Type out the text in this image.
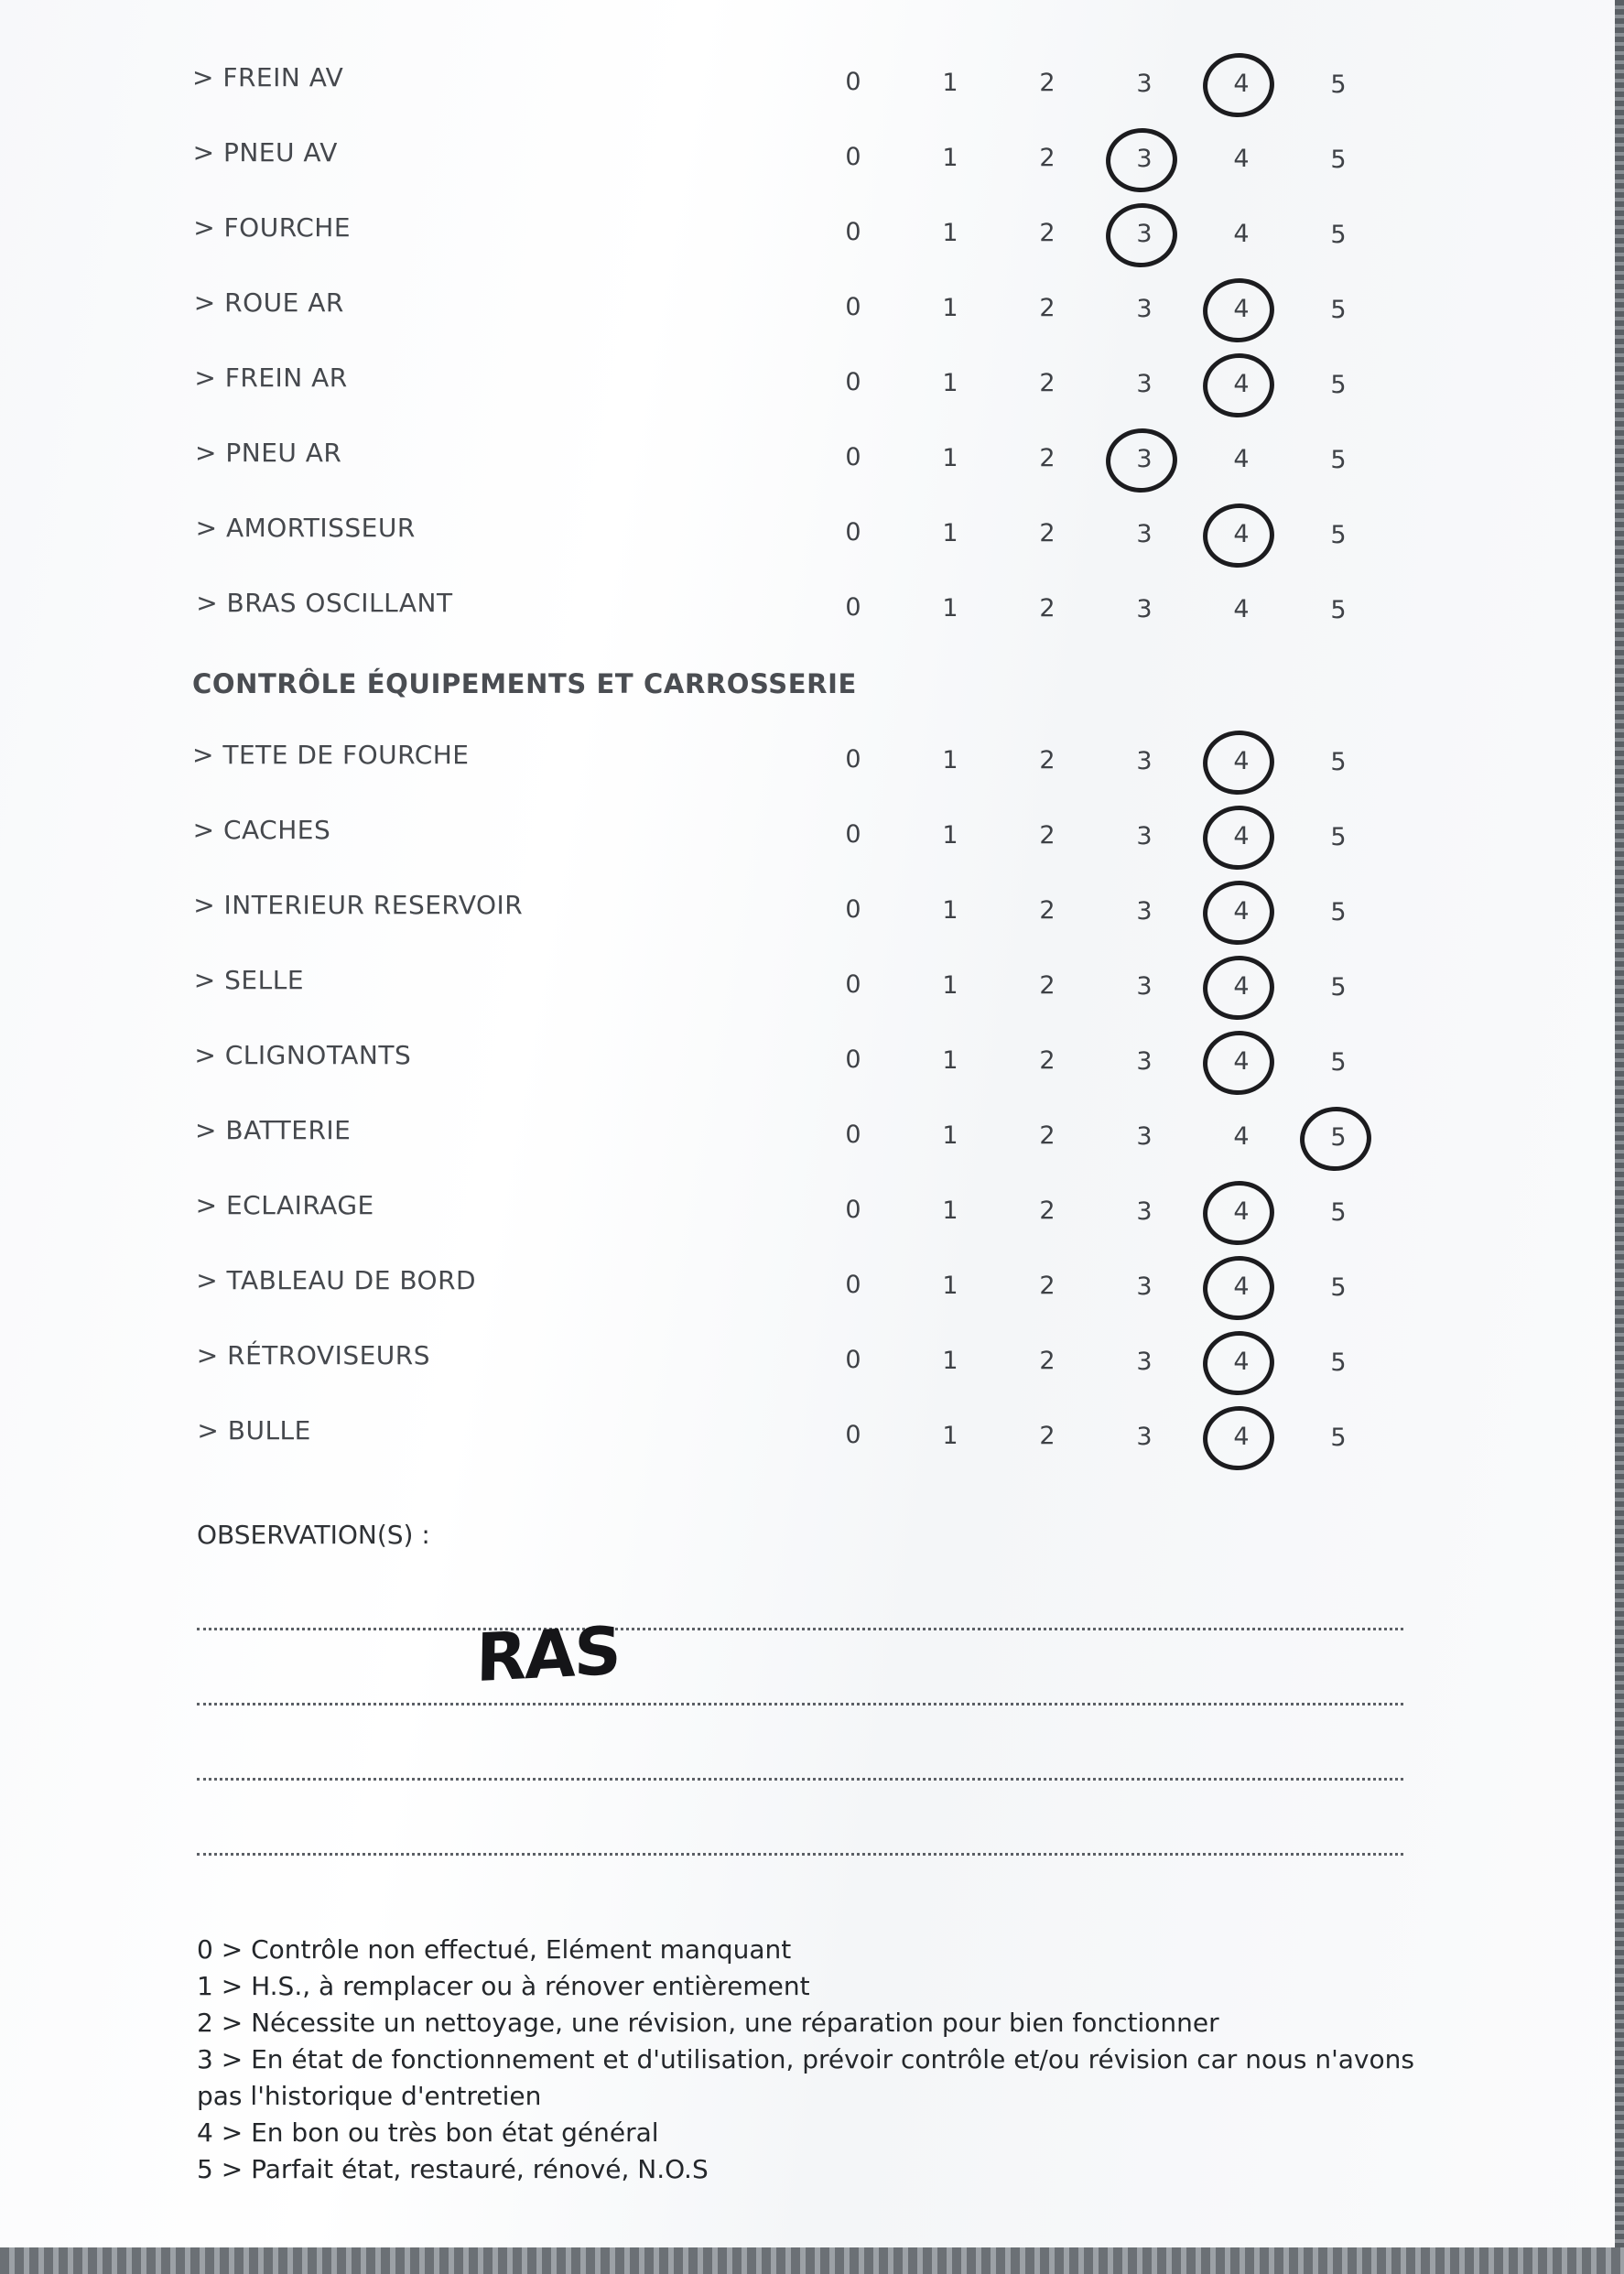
> FREIN AV	0	1	2	3	4	5
> PNEU AV	0	1	2	3	4	5
> FOURCHE	0	1	2	3	4	5
> ROUE AR	0	1	2	3	4	5
> FREIN AR	0	1	2	3	4	5
> PNEU AR	0	1	2	3	4	5
> AMORTISSEUR	0	1	2	3	4	5
> BRAS OSCILLANT	0	1	2	3	4	5
CONTRÔLE ÉQUIPEMENTS ET CARROSSERIE
> TETE DE FOURCHE	0	1	2	3	4	5
> CACHES	0	1	2	3	4	5
> INTERIEUR RESERVOIR	0	1	2	3	4	5
> SELLE	0	1	2	3	4	5
> CLIGNOTANTS	0	1	2	3	4	5
> BATTERIE	0	1	2	3	4	5
> ECLAIRAGE	0	1	2	3	4	5
> TABLEAU DE BORD	0	1	2	3	4	5
> RÉTROVISEURS	0	1	2	3	4	5
> BULLE	0	1	2	3	4	5
OBSERVATION(S) :
RAS
0 > Contrôle non effectué, Elément manquant
1 > H.S., à remplacer ou à rénover entièrement
2 > Nécessite un nettoyage, une révision, une réparation pour bien fonctionner
3 > En état de fonctionnement et d'utilisation, prévoir contrôle et/ou révision car nous n'avons pas l'historique d'entretien
4 > En bon ou très bon état général
5 > Parfait état, restauré, rénové, N.O.S
